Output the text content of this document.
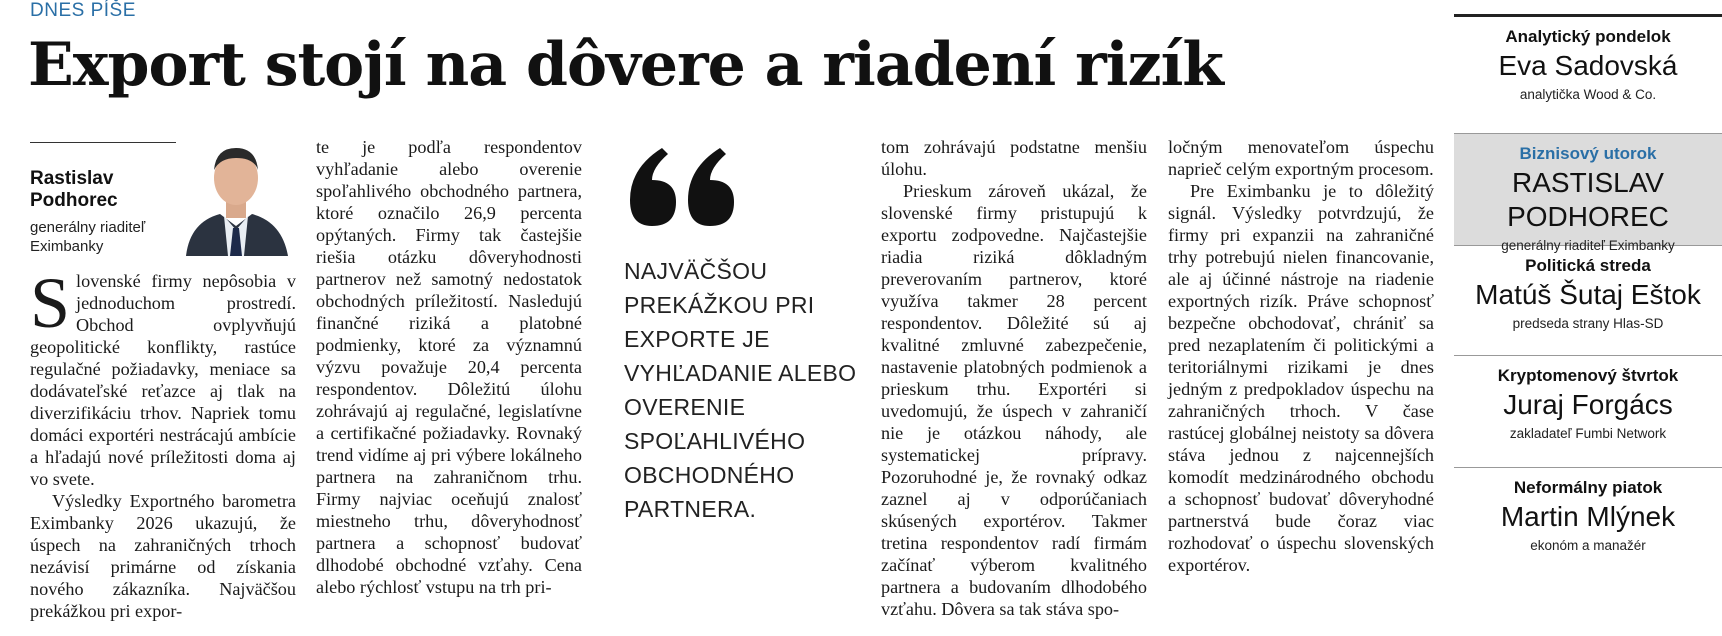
DNES PÍŠE
Export stojí na dôvere a riadení rizík
Rastislav Podhorec
generálny riaditeľ
Eximbanky

Slovenské firmy nepôsobia v jednoduchom prostredí. Obchod ovplyvňujú geopolitické konflikty, rastúce regulačné požiadavky, meniace sa dodávateľské reťazce aj tlak na diverzifikáciu trhov. Napriek tomu domáci exportéri nestrácajú ambície a hľadajú nové príležitosti doma aj vo svete.

Výsledky Exportného barometra Eximbanky 2026 ukazujú, že úspech na zahraničných trhoch nezávisí primárne od získania nového zákazníka. Najväčšou prekážkou pri expor-

te je podľa respondentov vyhľadanie alebo overenie spoľahlivého obchodného partnera, ktoré označilo 26,9 percenta opýtaných. Firmy tak častejšie riešia otázku dôveryhodnosti partnerov než samotný nedostatok obchodných príležitostí. Nasledujú finančné riziká a platobné podmienky, ktoré za významnú výzvu považuje 20,4 percenta respondentov. Dôležitú úlohu zohrávajú aj regulačné, legislatívne a certifikačné požiadavky. Rovnaký trend vidíme aj pri výbere lokálneho partnera na zahraničnom trhu. Firmy najviac oceňujú znalosť miestneho trhu, dôveryhodnosť partnera a schopnosť budovať dlhodobé obchodné vzťahy. Cena alebo rýchlosť vstupu na trh pri-

NAJVÄČŠOU PREKÁŽKOU PRI EXPORTE JE VYHĽADANIE ALEBO OVERENIE SPOĽAHLIVÉHO OBCHODNÉHO PARTNERA.

tom zohrávajú podstatne menšiu úlohu.

Prieskum zároveň ukázal, že slovenské firmy pristupujú k exportu zodpovedne. Najčastejšie riadia riziká dôkladným preverovaním partnerov, ktoré využíva takmer 28 percent respondentov. Dôležité sú aj kvalitné zmluvné zabezpečenie, nastavenie platobných podmienok a prieskum trhu. Exportéri si uvedomujú, že úspech v zahraničí nie je otázkou náhody, ale systematickej prípravy. Pozoruhodné je, že rovnaký odkaz zaznel aj v odporúčaniach skúsených exportérov. Takmer tretina respondentov radí firmám začínať výberom kvalitného partnera a budovaním dlhodobého vzťahu. Dôvera sa tak stáva spo-

ločným menovateľom úspechu naprieč celým exportným procesom.

Pre Eximbanku je to dôležitý signál. Výsledky potvrdzujú, že firmy pri expanzii na zahraničné trhy potrebujú nielen financovanie, ale aj účinné nástroje na riadenie exportných rizík. Práve schopnosť bezpečne obchodovať, chrániť sa pred nezaplatením či politickými a teritoriálnymi rizikami je dnes jedným z predpokladov úspechu na zahraničných trhoch. V čase rastúcej globálnej neistoty sa dôvera stáva jednou z najcennejších komodít medzinárodného obchodu a schopnosť budovať dôveryhodné partnerstvá bude čoraz viac rozhodovať o úspechu slovenských exportérov.

Analytický pondelok
Eva Sadovská
analytička Wood & Co.
Biznisový utorok
RASTISLAV PODHOREC
generálny riaditeľ Eximbanky
Politická streda
Matúš Šutaj Eštok
predseda strany Hlas-SD
Kryptomenový štvrtok
Juraj Forgács
zakladateľ Fumbi Network
Neformálny piatok
Martin Mlýnek
ekonóm a manažér
